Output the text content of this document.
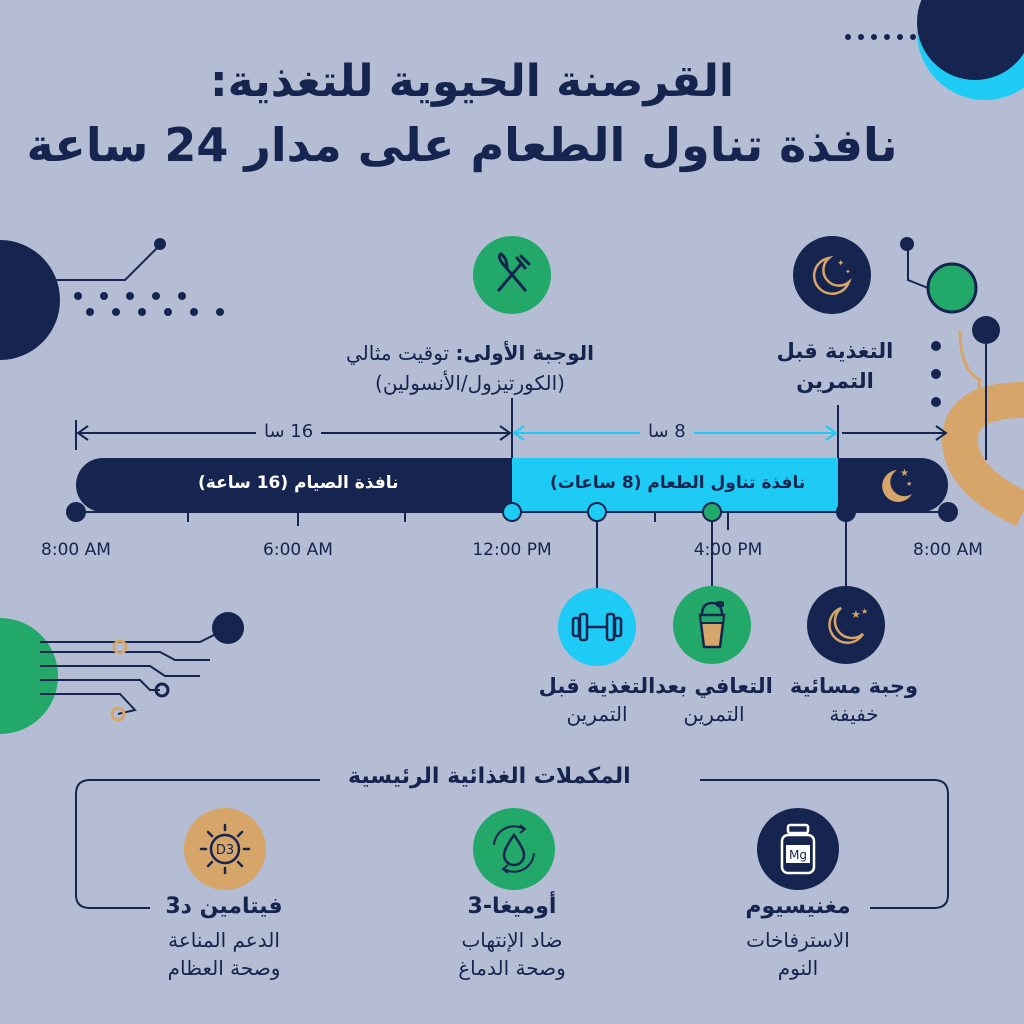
★
★
القرصنة الحيوية للتغذية:
نافذة تناول الطعام على مدار 24 ساعة
✦
✦
الوجبة الأولى: توقيت مثالي
(الكورتيزول/الأنسولين)
التغذية قبل
التمرين
16 سا	8 سا
نافذة الصيام (16 ساعة)	نافذة تناول الطعام (8 ساعات)
8:00 AM	6:00 AM	12:00 PM	4:00 PM	8:00 AM
★ ★
التغذية قبل
التمرين
التعافي بعد
التمرين
وجبة مسائية
خفيفة
المكملات الغذائية الرئيسية
Mg
D3
مغنيسيوم
الاسترفاخات
النوم
أوميغا-3
ضاد الإنتهاب
وصحة الدماغ
فيتامين د3
الدعم المناعة
وصحة العظام
